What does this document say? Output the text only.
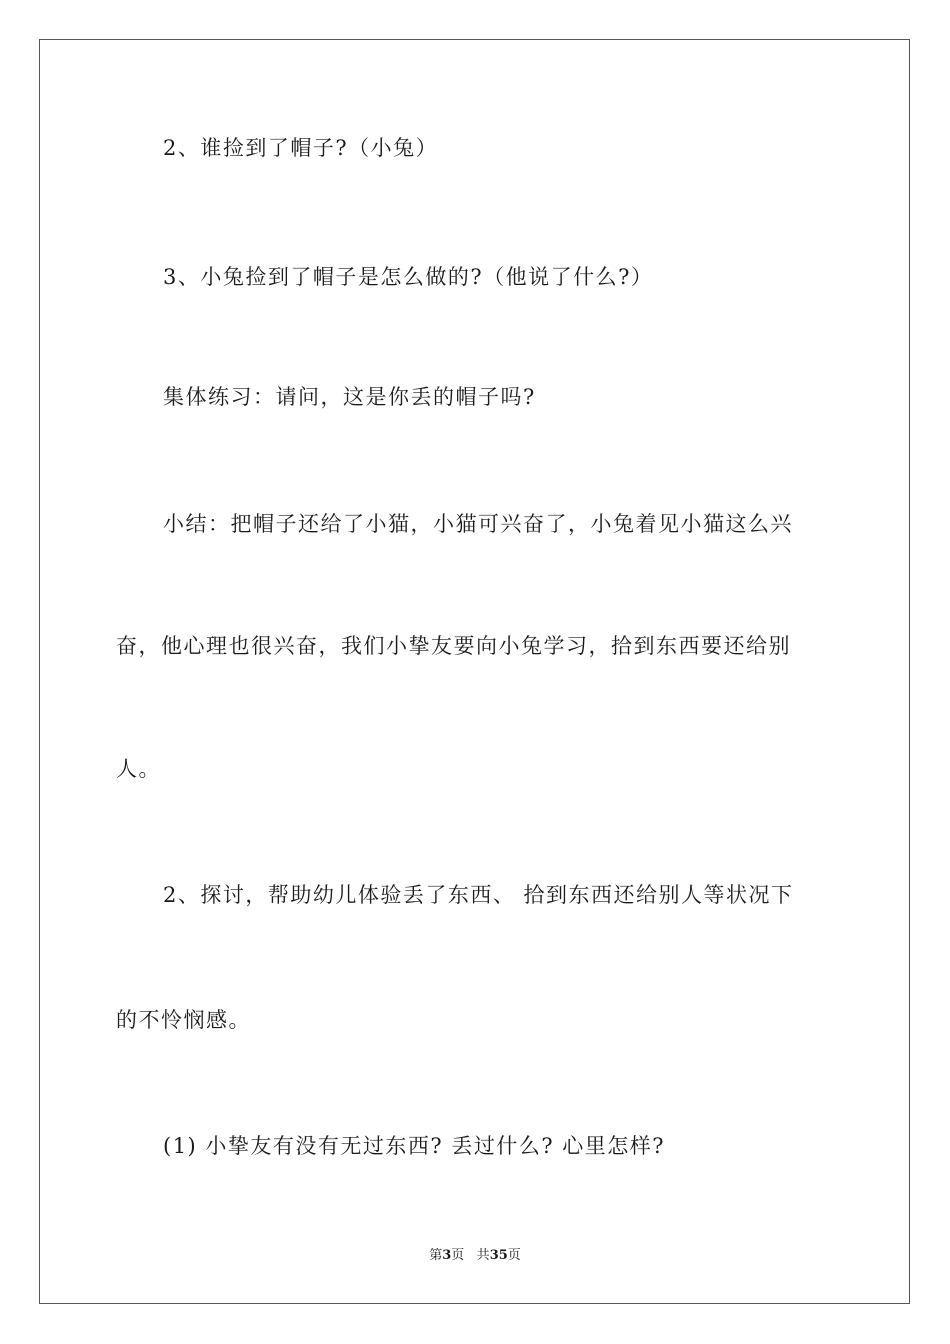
2、谁捡到了帽子?（小兔）
3、小兔捡到了帽子是怎么做的?（他说了什么?）
集体练习：请问，这是你丢的帽子吗?
小结：把帽子还给了小猫，小猫可兴奋了，小兔着见小猫这么兴
奋，他心理也很兴奋，我们小挚友要向小兔学习，拾到东西要还给别
人。
2、探讨，帮助幼儿体验丢了东西、 拾到东西还给别人等状况下
的不怜悯感。
(1) 小挚友有没有无过东西? 丢过什么? 心里怎样?
第3页 共35页
